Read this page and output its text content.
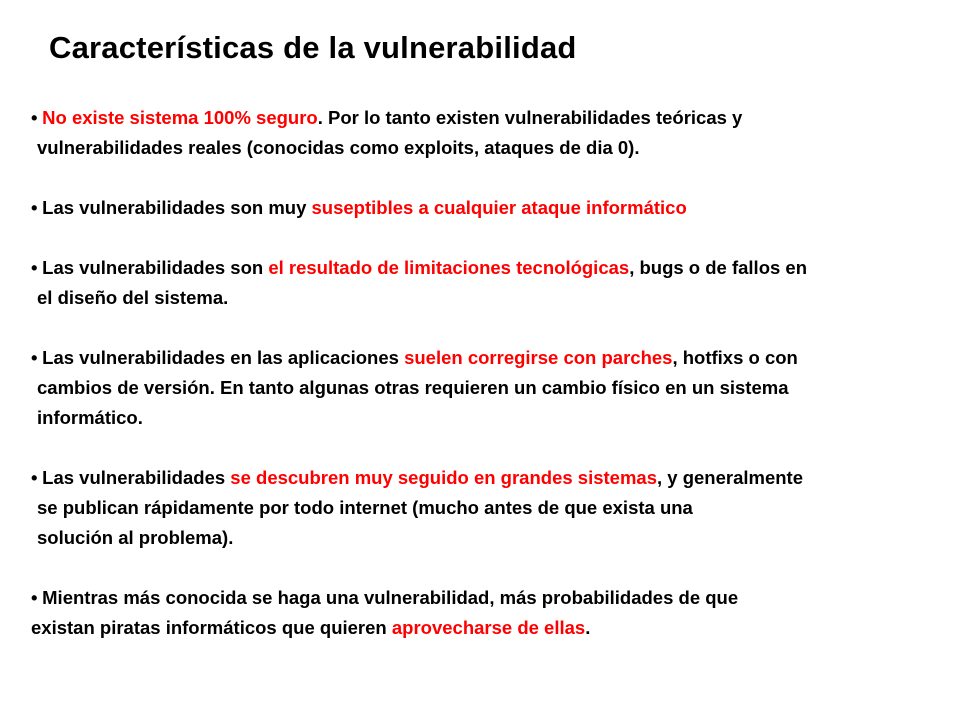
Características de la vulnerabilidad
• No existe sistema 100% seguro. Por lo tanto existen vulnerabilidades teóricas y
vulnerabilidades reales (conocidas como exploits, ataques de dia 0).
• Las vulnerabilidades son muy suseptibles a cualquier ataque informático
• Las vulnerabilidades son el resultado de limitaciones tecnológicas, bugs o de fallos en
el diseño del sistema.
• Las vulnerabilidades en las aplicaciones suelen corregirse con parches, hotfixs o con
cambios de versión. En tanto algunas otras requieren un cambio físico en un sistema
informático.
• Las vulnerabilidades se descubren muy seguido en grandes sistemas, y generalmente
se publican rápidamente por todo internet (mucho antes de que exista una
solución al problema).
• Mientras más conocida se haga una vulnerabilidad, más probabilidades de que
existan piratas informáticos que quieren aprovecharse de ellas.
